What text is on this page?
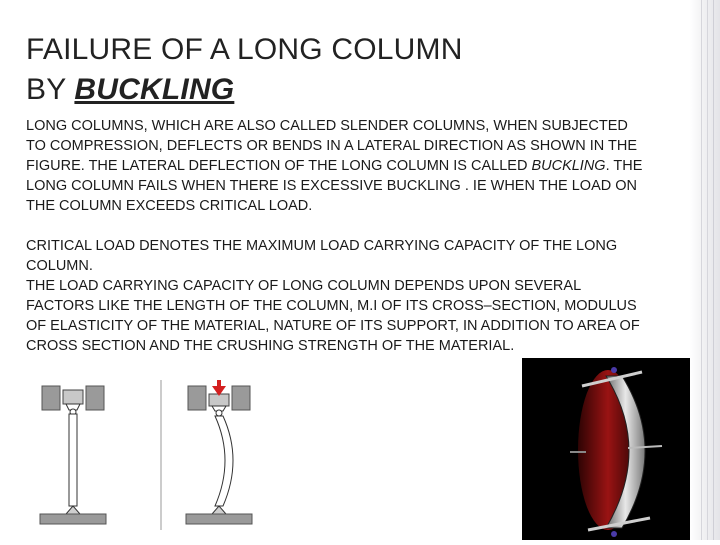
FAILURE OF A LONG COLUMN
BY BUCKLING

LONG COLUMNS, WHICH ARE ALSO CALLED SLENDER COLUMNS, WHEN SUBJECTED TO COMPRESSION, DEFLECTS OR BENDS IN A LATERAL DIRECTION AS SHOWN IN THE FIGURE. THE LATERAL DEFLECTION OF THE LONG COLUMN IS CALLED BUCKLING. THE LONG COLUMN FAILS WHEN THERE IS EXCESSIVE BUCKLING . IE WHEN THE LOAD ON THE COLUMN EXCEEDS CRITICAL LOAD.

CRITICAL LOAD DENOTES THE MAXIMUM LOAD CARRYING CAPACITY OF THE LONG COLUMN.

THE LOAD CARRYING CAPACITY OF LONG COLUMN DEPENDS UPON SEVERAL FACTORS LIKE THE LENGTH OF THE COLUMN, M.I OF ITS CROSS–SECTION, MODULUS OF ELASTICITY OF THE MATERIAL, NATURE OF ITS SUPPORT, IN ADDITION TO AREA OF CROSS SECTION AND THE CRUSHING STRENGTH OF THE MATERIAL.
